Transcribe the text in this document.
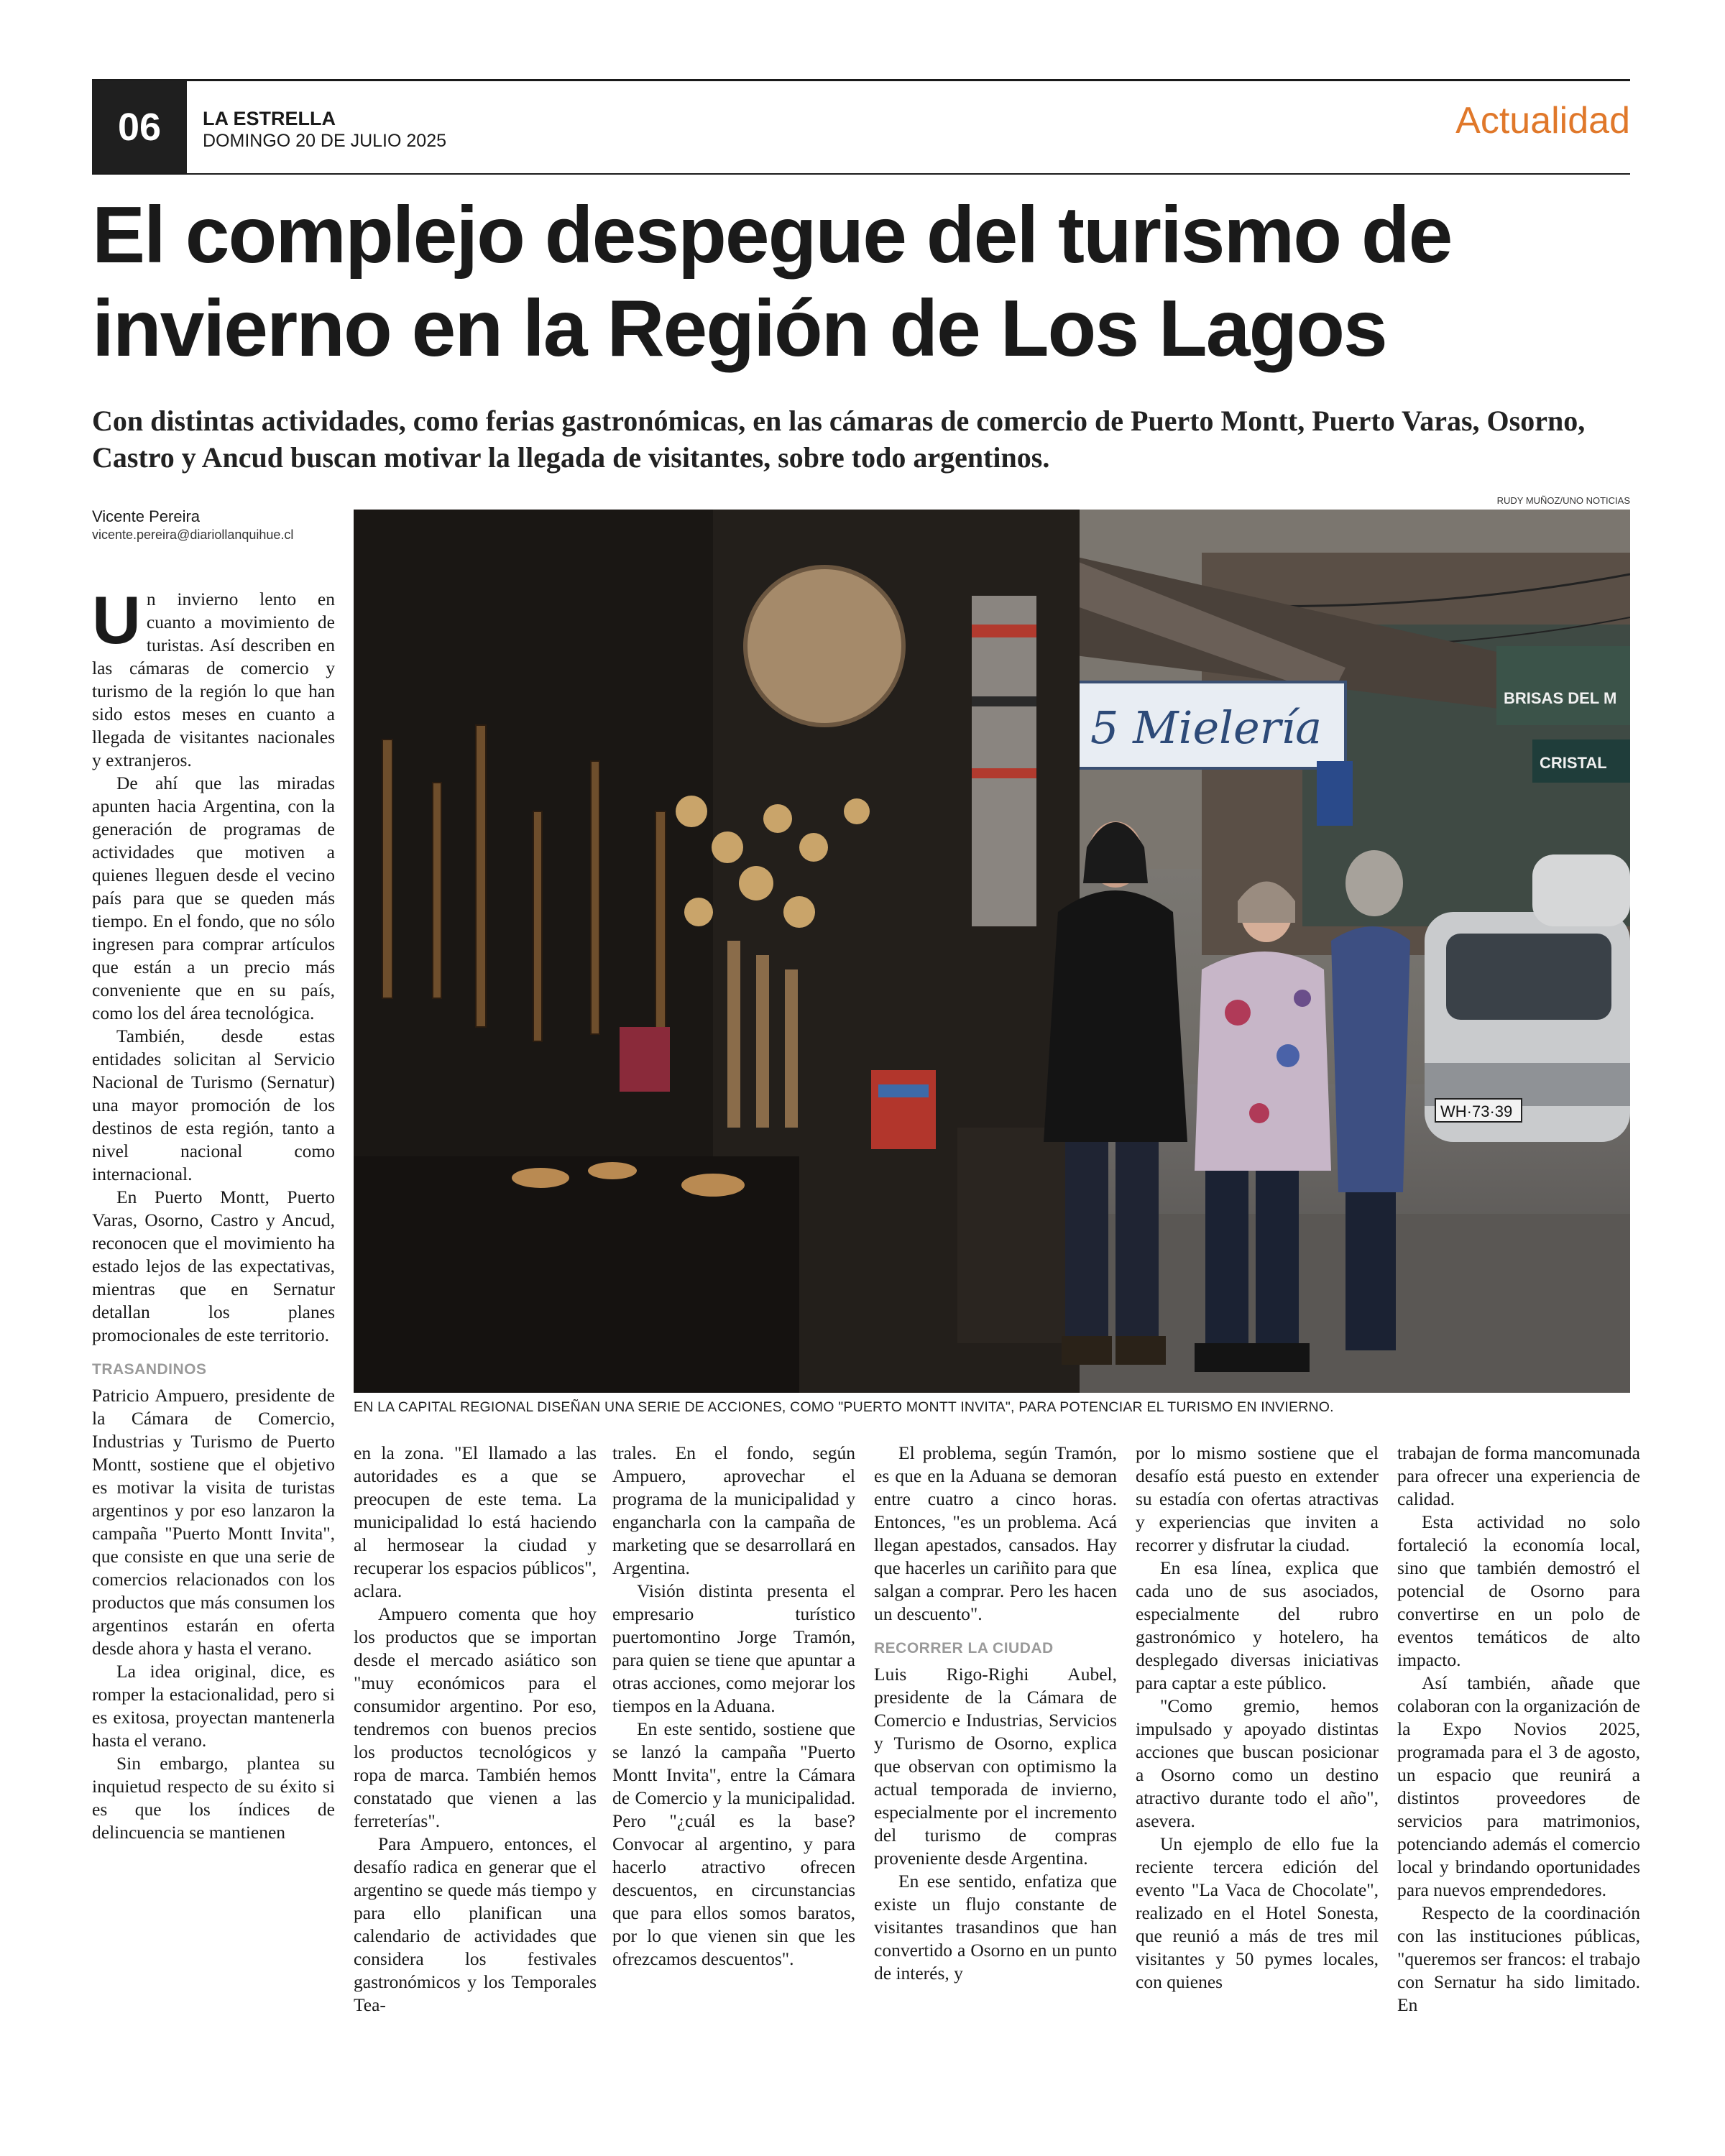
06	LA ESTRELLA
DOMINGO 20 DE JULIO 2025	Actualidad
El complejo despegue del turismo de invierno en la Región de Los Lagos

Con distintas actividades, como ferias gastronómicas, en las cámaras de comercio de Puerto Montt, Puerto Varas, Osorno, Castro y Ancud buscan motivar la llegada de visitantes, sobre todo argentinos.

RUDY MUÑOZ/UNO NOTICIAS
Vicente Pereira
vicente.pereira@diariollanquihue.cl
5 Mielería
BRISAS DEL M
CRISTAL
WH·73·39
EN LA CAPITAL REGIONAL DISEÑAN UNA SERIE DE ACCIONES, COMO "PUERTO MONTT INVITA", PARA POTENCIAR EL TURISMO EN INVIERNO.
U n invierno lento en cuanto a movimiento de turistas. Así describen en las cámaras de comercio y turismo de la región lo que han sido estos meses en cuanto a llegada de visitantes nacionales y extranjeros.

De ahí que las miradas apunten hacia Argentina, con la generación de programas de actividades que motiven a quienes lleguen desde el vecino país para que se queden más tiempo. En el fondo, que no sólo ingresen para comprar artículos que están a un precio más conveniente que en su país, como los del área tecnológica.

También, desde estas entidades solicitan al Servicio Nacional de Turismo (Sernatur) una mayor promoción de los destinos de esta región, tanto a nivel nacional como internacional.

En Puerto Montt, Puerto Varas, Osorno, Castro y Ancud, reconocen que el movimiento ha estado lejos de las expectativas, mientras que en Sernatur detallan los planes promocionales de este territorio.

TRASANDINOS

Patricio Ampuero, presidente de la Cámara de Comercio, Industrias y Turismo de Puerto Montt, sostiene que el objetivo es motivar la visita de turistas argentinos y por eso lanzaron la campaña "Puerto Montt Invita", que consiste en que una serie de comercios relacionados con los productos que más consumen los argentinos estarán en oferta desde ahora y hasta el verano.

La idea original, dice, es romper la estacionalidad, pero si es exitosa, proyectan mantenerla hasta el verano.

Sin embargo, plantea su inquietud respecto de su éxito si es que los índices de delincuencia se mantienen

en la zona. "El llamado a las autoridades es a que se preocupen de este tema. La municipalidad lo está haciendo al hermosear la ciudad y recuperar los espacios públicos", aclara.

Ampuero comenta que hoy los productos que se importan desde el mercado asiático son "muy económicos para el consumidor argentino. Por eso, tendremos con buenos precios los productos tecnológicos y ropa de marca. También hemos constatado que vienen a las ferreterías".

Para Ampuero, entonces, el desafío radica en generar que el argentino se quede más tiempo y para ello planifican una calendario de actividades que considera los festivales gastronómicos y los Temporales Tea-

trales. En el fondo, según Ampuero, aprovechar el programa de la municipalidad y engancharla con la campaña de marketing que se desarrollará en Argentina.

Visión distinta presenta el empresario turístico puertomontino Jorge Tramón, para quien se tiene que apuntar a otras acciones, como mejorar los tiempos en la Aduana.

En este sentido, sostiene que se lanzó la campaña "Puerto Montt Invita", entre la Cámara de Comercio y la municipalidad. Pero "¿cuál es la base? Convocar al argentino, y para hacerlo atractivo ofrecen descuentos, en circunstancias que para ellos somos baratos, por lo que vienen sin que les ofrezcamos descuentos".

El problema, según Tramón, es que en la Aduana se demoran entre cuatro a cinco horas. Entonces, "es un problema. Acá llegan apestados, cansados. Hay que hacerles un cariñito para que salgan a comprar. Pero les hacen un descuento".

RECORRER LA CIUDAD

Luis Rigo-Righi Aubel, presidente de la Cámara de Comercio e Industrias, Servicios y Turismo de Osorno, explica que observan con optimismo la actual temporada de invierno, especialmente por el incremento del turismo de compras proveniente desde Argentina.

En ese sentido, enfatiza que existe un flujo constante de visitantes trasandinos que han convertido a Osorno en un punto de interés, y

por lo mismo sostiene que el desafío está puesto en extender su estadía con ofertas atractivas y experiencias que inviten a recorrer y disfrutar la ciudad.

En esa línea, explica que cada uno de sus asociados, especialmente del rubro gastronómico y hotelero, ha desplegado diversas iniciativas para captar a este público.

"Como gremio, hemos impulsado y apoyado distintas acciones que buscan posicionar a Osorno como un destino atractivo durante todo el año", asevera.

Un ejemplo de ello fue la reciente tercera edición del evento "La Vaca de Chocolate", realizado en el Hotel Sonesta, que reunió a más de tres mil visitantes y 50 pymes locales, con quienes

trabajan de forma mancomunada para ofrecer una experiencia de calidad.

Esta actividad no solo fortaleció la economía local, sino que también demostró el potencial de Osorno para convertirse en un polo de eventos temáticos de alto impacto.

Así también, añade que colaboran con la organización de la Expo Novios 2025, programada para el 3 de agosto, un espacio que reunirá a distintos proveedores de servicios para matrimonios, potenciando además el comercio local y brindando oportunidades para nuevos emprendedores.

Respecto de la coordinación con las instituciones públicas, "queremos ser francos: el trabajo con Sernatur ha sido limitado. En
